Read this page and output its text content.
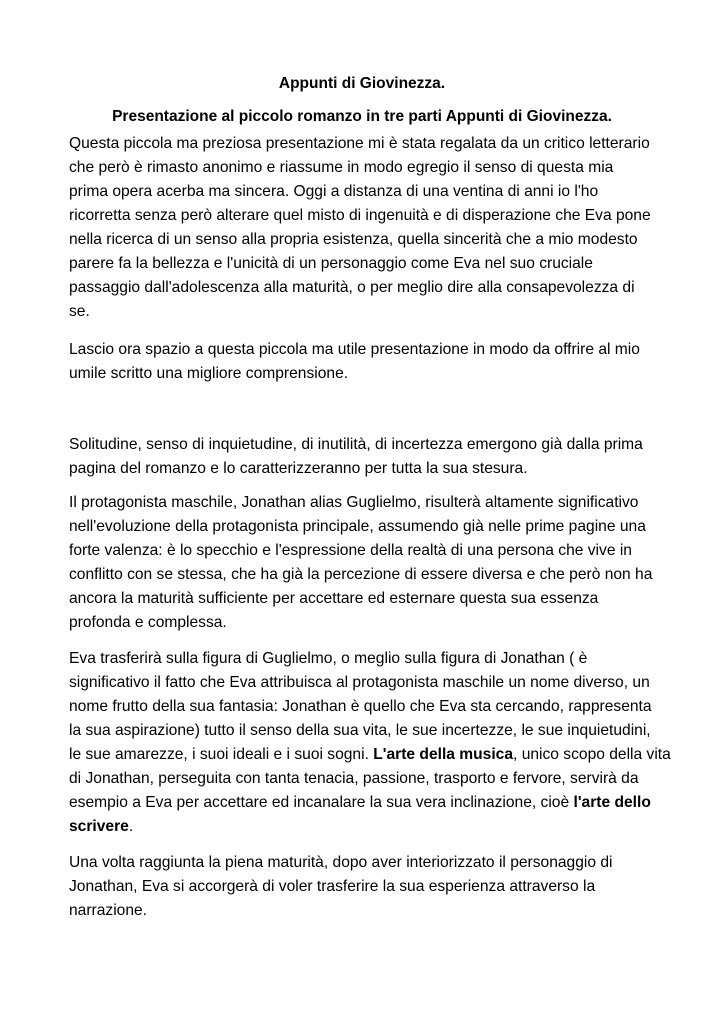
Appunti di Giovinezza.
Presentazione al piccolo romanzo in tre parti Appunti di Giovinezza.

Questa piccola ma preziosa presentazione mi è stata regalata da un critico letterario
che però è rimasto anonimo e riassume in modo egregio il senso di questa mia
prima opera acerba ma sincera. Oggi a distanza di una ventina di anni io l'ho
ricorretta senza però alterare quel misto di ingenuità e di disperazione che Eva pone
nella ricerca di un senso alla propria esistenza, quella sincerità che a mio modesto
parere fa la bellezza e l'unicità di un personaggio come Eva nel suo cruciale
passaggio dall'adolescenza alla maturità, o per meglio dire alla consapevolezza di
se.

Lascio ora spazio a questa piccola ma utile presentazione in modo da offrire al mio
umile scritto una migliore comprensione.

Solitudine, senso di inquietudine, di inutilità, di incertezza emergono già dalla prima
pagina del romanzo e lo caratterizzeranno per tutta la sua stesura.

Il protagonista maschile, Jonathan alias Guglielmo, risulterà altamente significativo
nell'evoluzione della protagonista principale, assumendo già nelle prime pagine una
forte valenza: è lo specchio e l'espressione della realtà di una persona che vive in
conflitto con se stessa, che ha già la percezione di essere diversa e che però non ha
ancora la maturità sufficiente per accettare ed esternare questa sua essenza
profonda e complessa.

Eva trasferirà sulla figura di Guglielmo, o meglio sulla figura di Jonathan ( è
significativo il fatto che Eva attribuisca al protagonista maschile un nome diverso, un
nome frutto della sua fantasia: Jonathan è quello che Eva sta cercando, rappresenta
la sua aspirazione) tutto il senso della sua vita, le sue incertezze, le sue inquietudini,
le sue amarezze, i suoi ideali e i suoi sogni. L'arte della musica, unico scopo della vita
di Jonathan, perseguita con tanta tenacia, passione, trasporto e fervore, servirà da
esempio a Eva per accettare ed incanalare la sua vera inclinazione, cioè l'arte dello
scrivere.

Una volta raggiunta la piena maturità, dopo aver interiorizzato il personaggio di
Jonathan, Eva si accorgerà di voler trasferire la sua esperienza attraverso la
narrazione.
